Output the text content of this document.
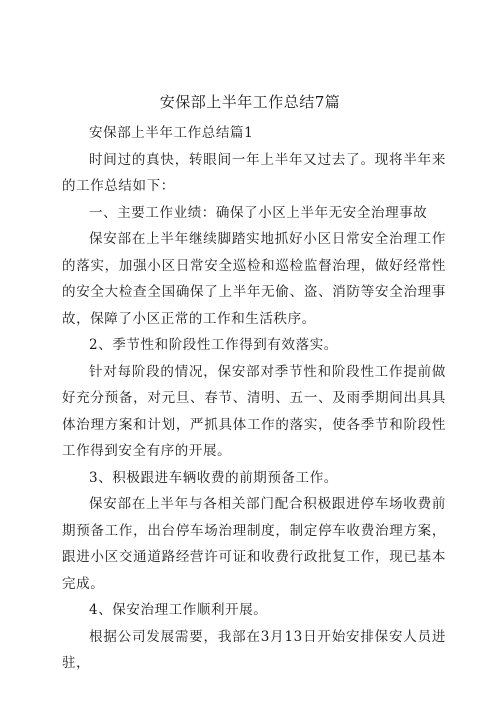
安保部上半年工作总结7篇

安保部上半年工作总结篇1

时间过的真快，转眼间一年上半年又过去了。现将半年来的工作总结如下：

一、主要工作业绩：确保了小区上半年无安全治理事故

保安部在上半年继续脚踏实地抓好小区日常安全治理工作的落实，加强小区日常安全巡检和巡检监督治理，做好经常性的安全大检查全国确保了上半年无偷、盗、消防等安全治理事故，保障了小区正常的工作和生活秩序。

2、季节性和阶段性工作得到有效落实。

针对每阶段的情况，保安部对季节性和阶段性工作提前做好充分预备，对元旦、春节、清明、五一、及雨季期间出具具体治理方案和计划，严抓具体工作的落实，使各季节和阶段性工作得到安全有序的开展。

3、积极跟进车辆收费的前期预备工作。

保安部在上半年与各相关部门配合积极跟进停车场收费前期预备工作，出台停车场治理制度，制定停车收费治理方案，跟进小区交通道路经营许可证和收费行政批复工作，现已基本完成。

4、保安治理工作顺利开展。

根据公司发展需要，我部在3月13日开始安排保安人员进驻，
